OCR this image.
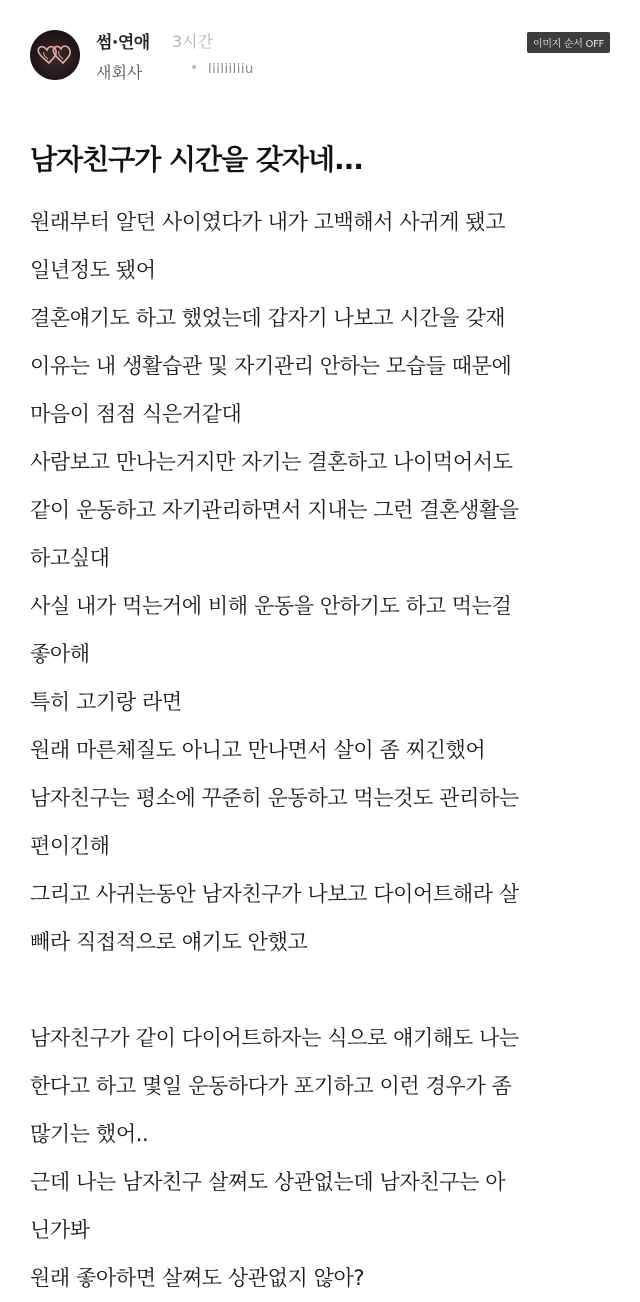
썸·연애 3시간
새회사	• liiliiliiu
이미지 순서 OFF
남자친구가 시간을 갖자네...
원래부터 알던 사이였다가 내가 고백해서 사귀게 됐고
일년정도 됐어
결혼얘기도 하고 했었는데 갑자기 나보고 시간을 갖재
이유는 내 생활습관 및 자기관리 안하는 모습들 때문에
마음이 점점 식은거같대
사람보고 만나는거지만 자기는 결혼하고 나이먹어서도
같이 운동하고 자기관리하면서 지내는 그런 결혼생활을
하고싶대
사실 내가 먹는거에 비해 운동을 안하기도 하고 먹는걸
좋아해
특히 고기랑 라면
원래 마른체질도 아니고 만나면서 살이 좀 찌긴했어
남자친구는 평소에 꾸준히 운동하고 먹는것도 관리하는
편이긴해
그리고 사귀는동안 남자친구가 나보고 다이어트해라 살
빼라 직접적으로 얘기도 안했고
남자친구가 같이 다이어트하자는 식으로 얘기해도 나는
한다고 하고 몇일 운동하다가 포기하고 이런 경우가 좀
많기는 했어..
근데 나는 남자친구 살쪄도 상관없는데 남자친구는 아
닌가봐
원래 좋아하면 살쪄도 상관없지 않아?
